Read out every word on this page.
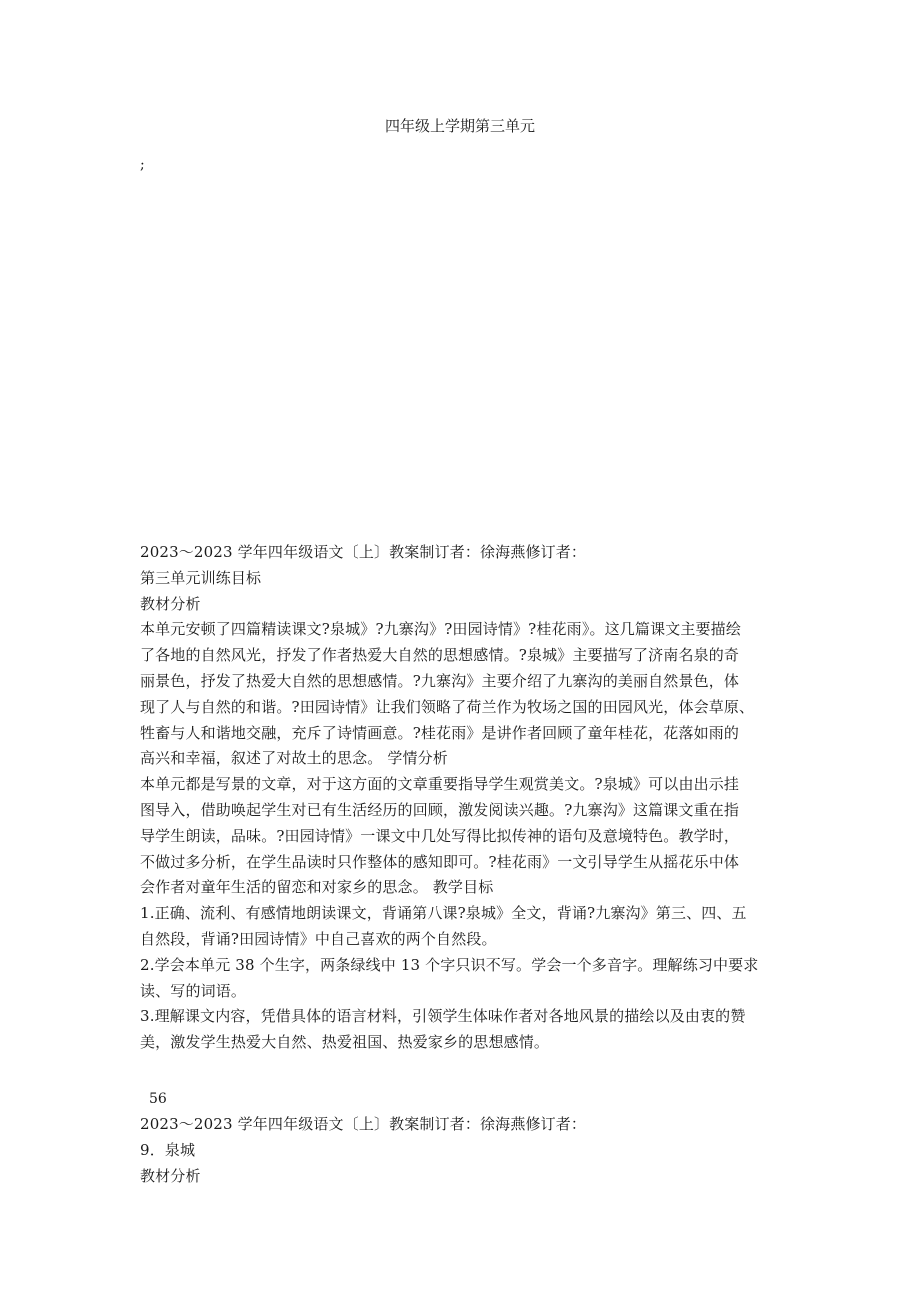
四年级上学期第三单元
;
2023～2023 学年四年级语文〔上〕教案制订者：徐海燕修订者：
第三单元训练目标
教材分析
本单元安顿了四篇精读课文?泉城》?九寨沟》?田园诗情》?桂花雨》。这几篇课文主要描绘
了各地的自然风光，抒发了作者热爱大自然的思想感情。?泉城》主要描写了济南名泉的奇
丽景色，抒发了热爱大自然的思想感情。?九寨沟》主要介绍了九寨沟的美丽自然景色，体
现了人与自然的和谐。?田园诗情》让我们领略了荷兰作为牧场之国的田园风光，体会草原、
牲畜与人和谐地交融，充斥了诗情画意。?桂花雨》是讲作者回顾了童年桂花，花落如雨的
高兴和幸福，叙述了对故土的思念。 学情分析
本单元都是写景的文章，对于这方面的文章重要指导学生观赏美文。?泉城》可以由出示挂
图导入，借助唤起学生对已有生活经历的回顾，激发阅读兴趣。?九寨沟》这篇课文重在指
导学生朗读，品味。?田园诗情》一课文中几处写得比拟传神的语句及意境特色。教学时，
不做过多分析，在学生品读时只作整体的感知即可。?桂花雨》一文引导学生从摇花乐中体
会作者对童年生活的留恋和对家乡的思念。 教学目标
1.正确、流利、有感情地朗读课文，背诵第八课?泉城》全文，背诵?九寨沟》第三、四、五
自然段，背诵?田园诗情》中自己喜欢的两个自然段。
2.学会本单元 38 个生字，两条绿线中 13 个字只识不写。学会一个多音字。理解练习中要求
读、写的词语。
3.理解课文内容，凭借具体的语言材料，引领学生体味作者对各地风景的描绘以及由衷的赞
美，激发学生热爱大自然、热爱祖国、热爱家乡的思想感情。
56
2023～2023 学年四年级语文〔上〕教案制订者：徐海燕修订者：
9．泉城
教材分析
